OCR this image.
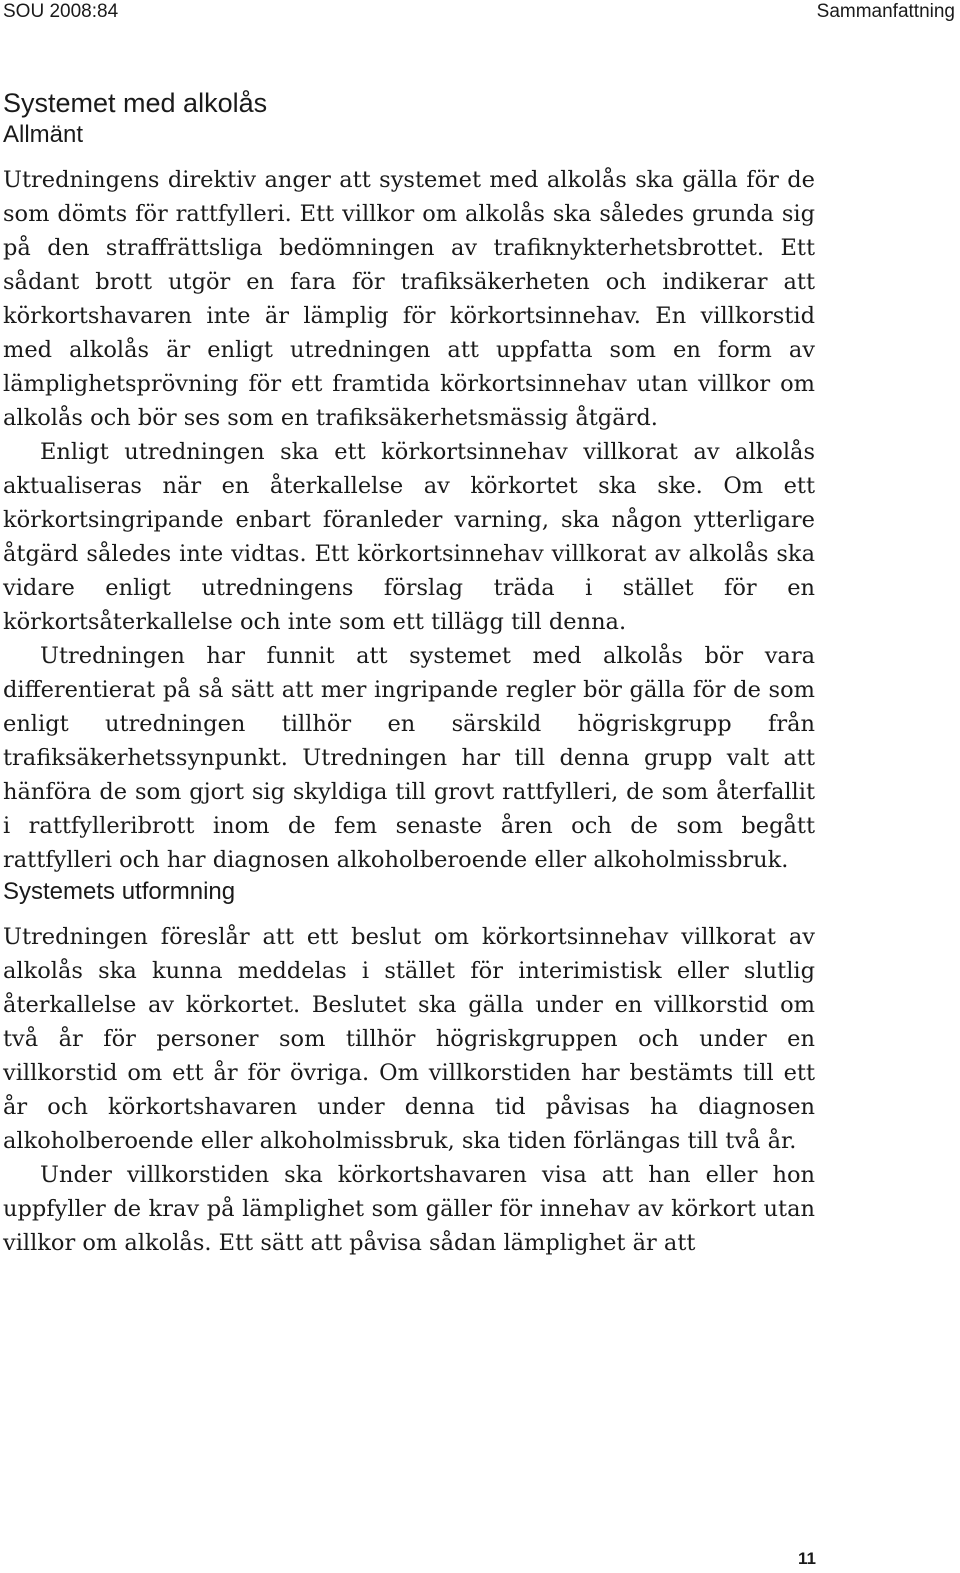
SOU 2008:84	Sammanfattning
Systemet med alkolås
Allmänt

Utredningens direktiv anger att systemet med alkolås ska gälla för de som dömts för rattfylleri. Ett villkor om alkolås ska således grunda sig på den straffrättsliga bedömningen av trafiknykterhetsbrottet. Ett sådant brott utgör en fara för trafiksäkerheten och indikerar att körkortshavaren inte är lämplig för körkortsinnehav. En villkorstid med alkolås är enligt utredningen att uppfatta som en form av lämplighetsprövning för ett framtida körkortsinnehav utan villkor om alkolås och bör ses som en trafiksäkerhetsmässig åtgärd.

Enligt utredningen ska ett körkortsinnehav villkorat av alkolås aktualiseras när en återkallelse av körkortet ska ske. Om ett körkortsingripande enbart föranleder varning, ska någon ytterligare åtgärd således inte vidtas. Ett körkortsinnehav villkorat av alkolås ska vidare enligt utredningens förslag träda i stället för en körkortsåterkallelse och inte som ett tillägg till denna.

Utredningen har funnit att systemet med alkolås bör vara differentierat på så sätt att mer ingripande regler bör gälla för de som enligt utredningen tillhör en särskild högriskgrupp från trafiksäkerhetssynpunkt. Utredningen har till denna grupp valt att hänföra de som gjort sig skyldiga till grovt rattfylleri, de som återfallit i rattfylleribrott inom de fem senaste åren och de som begått rattfylleri och har diagnosen alkoholberoende eller alkoholmissbruk.

Systemets utformning

Utredningen föreslår att ett beslut om körkortsinnehav villkorat av alkolås ska kunna meddelas i stället för interimistisk eller slutlig återkallelse av körkortet. Beslutet ska gälla under en villkorstid om två år för personer som tillhör högriskgruppen och under en villkorstid om ett år för övriga. Om villkorstiden har bestämts till ett år och körkortshavaren under denna tid påvisas ha diagnosen alkoholberoende eller alkoholmissbruk, ska tiden förlängas till två år.

Under villkorstiden ska körkortshavaren visa att han eller hon uppfyller de krav på lämplighet som gäller för innehav av körkort utan villkor om alkolås. Ett sätt att påvisa sådan lämplighet är att

11
